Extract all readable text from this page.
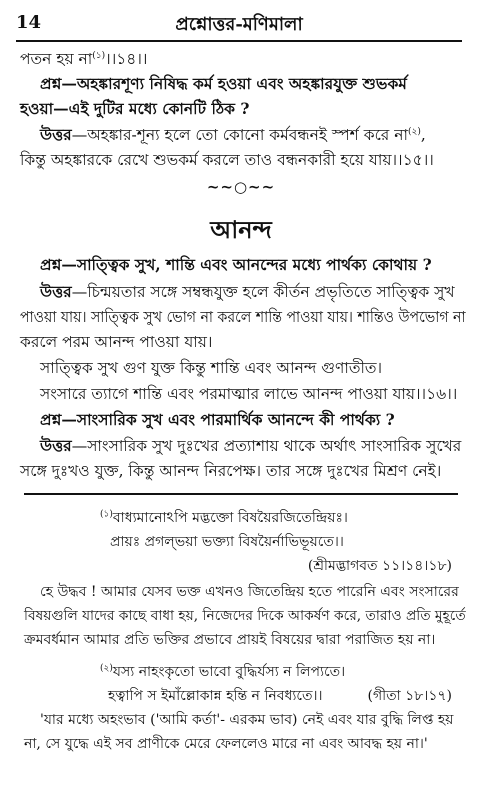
14	প্রশ্নোত্তর-মণিমালা
পতন হয় না$^{(১)}$।।১৪।।
প্রশ্ন—অহঙ্কারশূণ্য নিষিদ্ধ কর্ম হওয়া এবং অহঙ্কারযুক্ত শুভকর্ম
হওয়া—এই দুটির মধ্যে কোনটি ঠিক ?
উত্তর—অহঙ্কার-শূন্য হলে তো কোনো কর্মবন্ধনই স্পর্শ করে না$^{(২)}$,
কিন্তু অহঙ্কারকে রেখে শুভকর্ম করলে তাও বন্ধনকারী হয়ে যায়।।১৫।।
~~○~~
আনন্দ
প্রশ্ন—সাত্ত্বিক সুখ, শান্তি এবং আনন্দের মধ্যে পার্থক্য কোথায় ?
উত্তর—চিন্ময়তার সঙ্গে সম্বন্ধযুক্ত হলে কীর্তন প্রভৃতিতে সাত্ত্বিক সুখ
পাওয়া যায়। সাত্ত্বিক সুখ ভোগ না করলে শান্তি পাওয়া যায়। শান্তিও উপভোগ না
করলে পরম আনন্দ পাওয়া যায়।
সাত্ত্বিক সুখ গুণ যুক্ত কিন্তু শান্তি এবং আনন্দ গুণাতীত।
সংসারে ত্যাগে শান্তি এবং পরমাত্মার লাভে আনন্দ পাওয়া যায়।।১৬।।
প্রশ্ন—সাংসারিক সুখ এবং পারমার্থিক আনন্দে কী পার্থক্য ?
উত্তর—সাংসারিক সুখ দুঃখের প্রত্যাশায় থাকে অর্থাৎ সাংসারিক সুখের
সঙ্গে দুঃখও যুক্ত, কিন্তু আনন্দ নিরপেক্ষ। তার সঙ্গে দুঃখের মিশ্রণ নেই।
$^{(১)}$বাধ্যমানোঽপি মদ্ভক্তো বিষয়ৈরজিতেন্দ্রিয়ঃ।
প্রায়ঃ প্রগল্‌ভয়া ভক্ত্যা বিষয়ৈর্নাভিভূয়তে।।
(শ্রীমদ্ভাগবত ১১।১৪।১৮)
হে উদ্ধব ! আমার যেসব ভক্ত এখনও জিতেন্দ্রিয় হতে পারেনি এবং সংসারের
বিষয়গুলি যাদের কাছে বাধা হয়, নিজেদের দিকে আকর্ষণ করে, তারাও প্রতি মুহূর্তে
ক্রমবর্ধমান আমার প্রতি ভক্তির প্রভাবে প্রায়ই বিষয়ের দ্বারা পরাজিত হয় না।
$^{(২)}$যস্য নাহংকৃতো ভাবো বুদ্ধির্যস্য ন লিপ্যতে।
হত্বাপি স ইমাঁল্লোকান্ন হন্তি ন নিবধ্যতে।।	(গীতা ১৮।১৭)
'যার মধ্যে অহংভাব ('আমি কর্তা'- এরকম ভাব) নেই এবং যার বুদ্ধি লিপ্ত হয়
না, সে যুদ্ধে এই সব প্রাণীকে মেরে ফেললেও মারে না এবং আবদ্ধ হয় না।'
